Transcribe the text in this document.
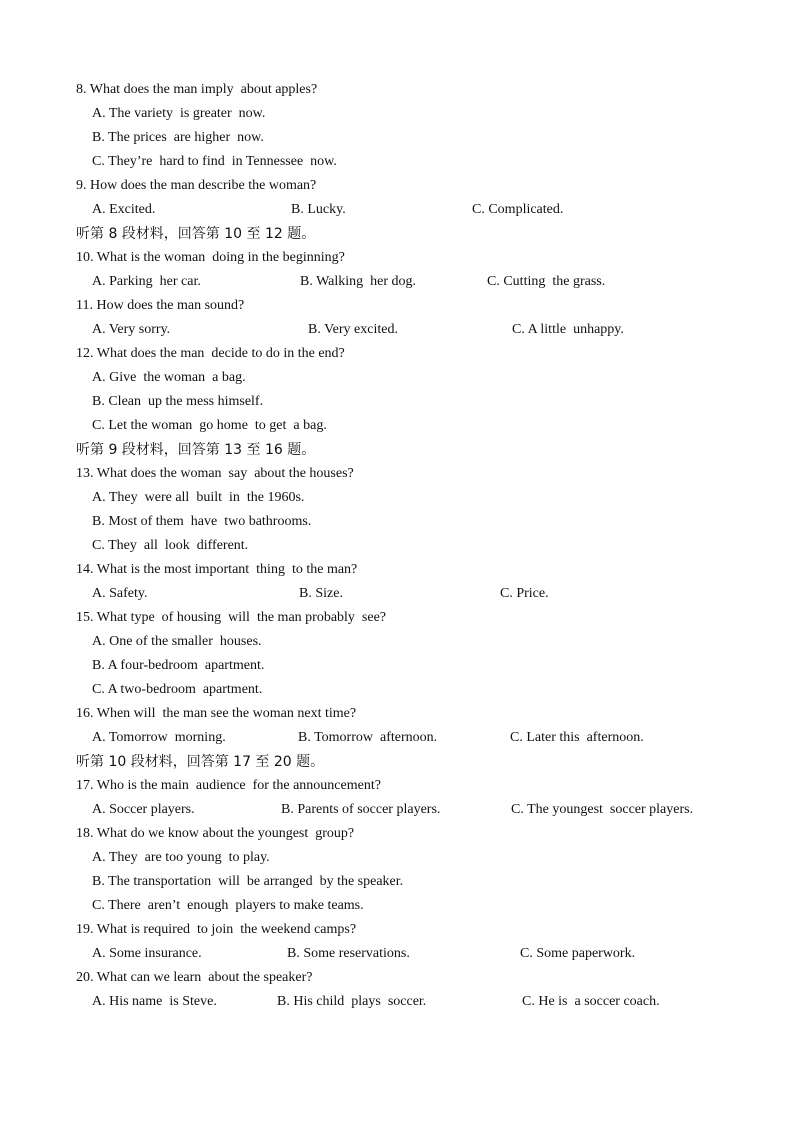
8. What does the man imply  about apples?
A. The variety  is greater  now.
B. The prices  are higher  now.
C. They’re  hard to find  in Tennessee  now.
9. How does the man describe the woman?
A. Excited.	B. Lucky.	C. Complicated.
听第 8 段材料，回答第 10 至 12 题。
10. What is the woman  doing in the beginning?
A. Parking  her car.	B. Walking  her dog.	C. Cutting  the grass.
11. How does the man sound?
A. Very sorry.	B. Very excited.	C. A little  unhappy.
12. What does the man  decide to do in the end?
A. Give  the woman  a bag.
B. Clean  up the mess himself.
C. Let the woman  go home  to get  a bag.
听第 9 段材料，回答第 13 至 16 题。
13. What does the woman  say  about the houses?
A. They  were all  built  in  the 1960s.
B. Most of them  have  two bathrooms.
C. They  all  look  different.
14. What is the most important  thing  to the man?
A. Safety.	B. Size.	C. Price.
15. What type  of housing  will  the man probably  see?
A. One of the smaller  houses.
B. A four-bedroom  apartment.
C. A two-bedroom  apartment.
16. When will  the man see the woman next time?
A. Tomorrow  morning.	B. Tomorrow  afternoon.	C. Later this  afternoon.
听第 10 段材料，回答第 17 至 20 题。
17. Who is the main  audience  for the announcement?
A. Soccer players.	B. Parents of soccer players.	C. The youngest  soccer players.
18. What do we know about the youngest  group?
A. They  are too young  to play.
B. The transportation  will  be arranged  by the speaker.
C. There  aren’t  enough  players to make teams.
19. What is required  to join  the weekend camps?
A. Some insurance.	B. Some reservations.	C. Some paperwork.
20. What can we learn  about the speaker?
A. His name  is Steve.	B. His child  plays  soccer.	C. He is  a soccer coach.
